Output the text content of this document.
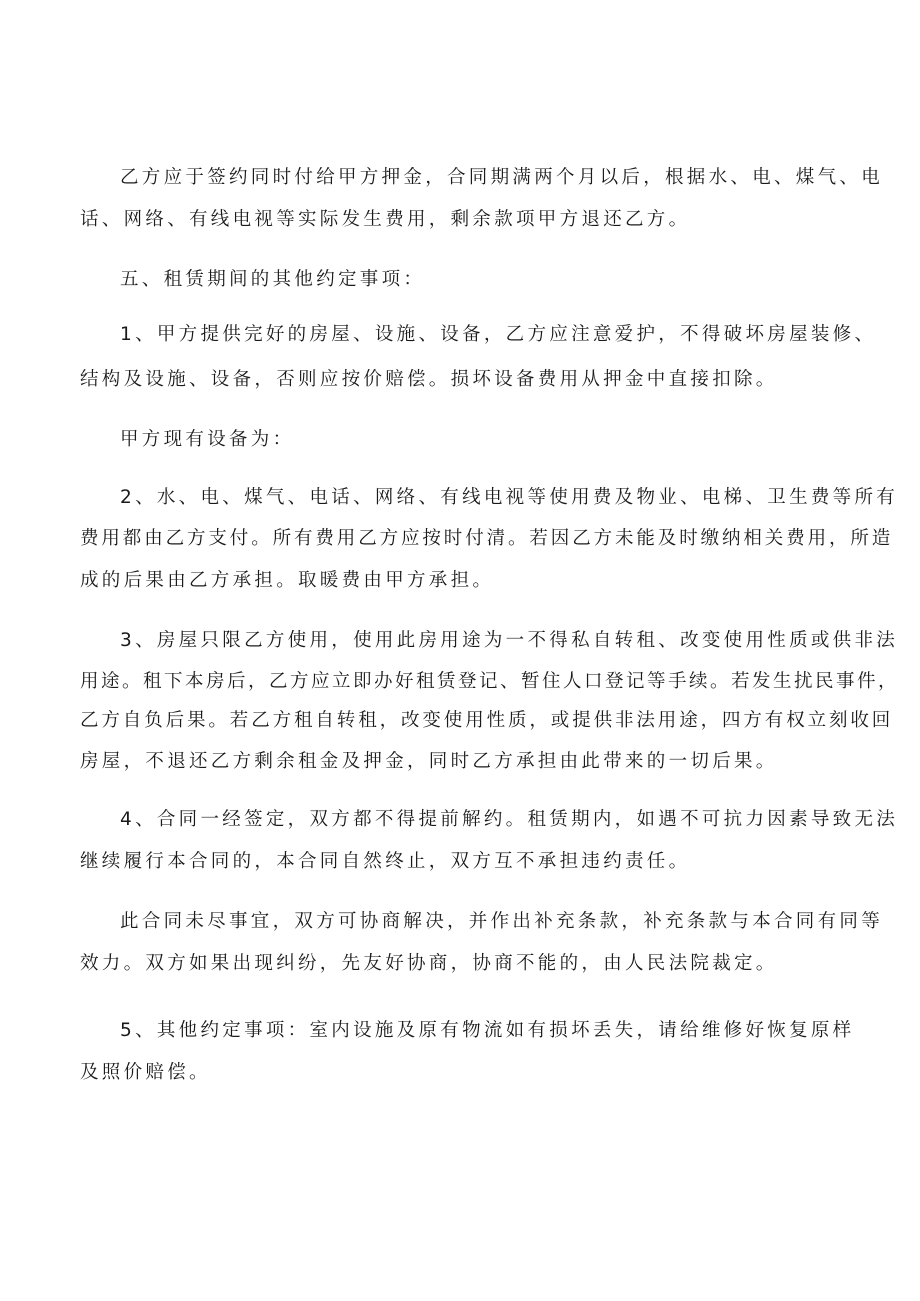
乙方应于签约同时付给甲方押金，合同期满两个月以后，根据水、电、煤气、电
话、网络、有线电视等实际发生费用，剩余款项甲方退还乙方。
五、租赁期间的其他约定事项：
1、甲方提供完好的房屋、设施、设备，乙方应注意爱护，不得破坏房屋装修、
结构及设施、设备，否则应按价赔偿。损坏设备费用从押金中直接扣除。
甲方现有设备为：
2、水、电、煤气、电话、网络、有线电视等使用费及物业、电梯、卫生费等所有
费用都由乙方支付。所有费用乙方应按时付清。若因乙方未能及时缴纳相关费用，所造
成的后果由乙方承担。取暖费由甲方承担。
3、房屋只限乙方使用，使用此房用途为一不得私自转租、改变使用性质或供非法
用途。租下本房后，乙方应立即办好租赁登记、暂住人口登记等手续。若发生扰民事件，
乙方自负后果。若乙方租自转租，改变使用性质，或提供非法用途，四方有权立刻收回
房屋，不退还乙方剩余租金及押金，同时乙方承担由此带来的一切后果。
4、合同一经签定，双方都不得提前解约。租赁期内，如遇不可抗力因素导致无法
继续履行本合同的，本合同自然终止，双方互不承担违约责任。
此合同未尽事宜，双方可协商解决，并作出补充条款，补充条款与本合同有同等
效力。双方如果出现纠纷，先友好协商，协商不能的，由人民法院裁定。
5、其他约定事项：室内设施及原有物流如有损坏丢失，请给维修好恢复原样
及照价赔偿。
